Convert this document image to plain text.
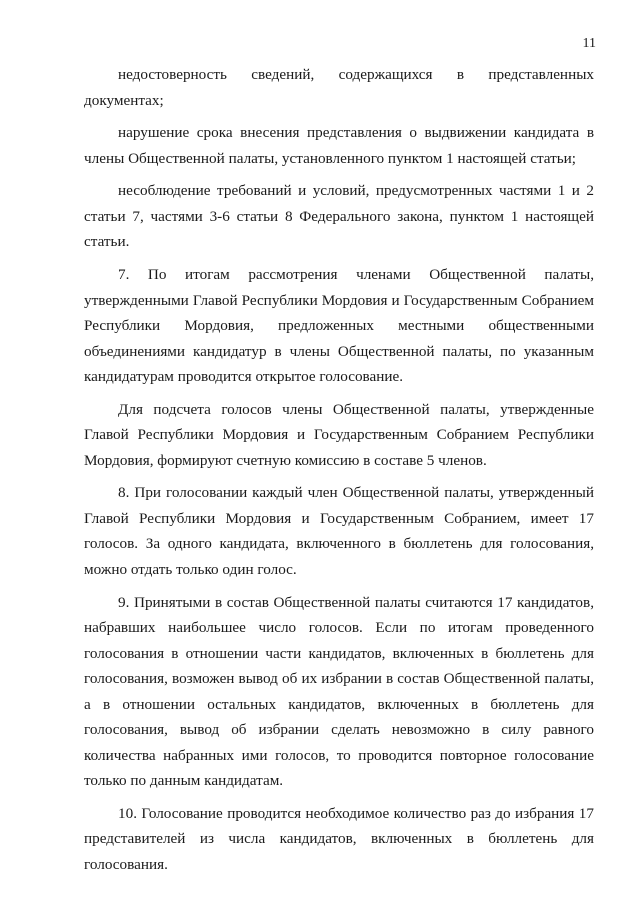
11

недостоверность сведений, содержащихся в представленных документах;

нарушение срока внесения представления о выдвижении кандидата в члены Общественной палаты, установленного пунктом 1 настоящей статьи;

несоблюдение требований и условий, предусмотренных частями 1 и 2 статьи 7, частями 3-6 статьи 8 Федерального закона, пунктом 1 настоящей статьи.

7. По итогам рассмотрения членами Общественной палаты, утвержденными Главой Республики Мордовия и Государственным Собранием Республики Мордовия, предложенных местными общественными объединениями кандидатур в члены Общественной палаты, по указанным кандидатурам проводится открытое голосование.

Для подсчета голосов члены Общественной палаты, утвержденные Главой Республики Мордовия и Государственным Собранием Республики Мордовия, формируют счетную комиссию в составе 5 членов.

8. При голосовании каждый член Общественной палаты, утвержденный Главой Республики Мордовия и Государственным Собранием, имеет 17 голосов. За одного кандидата, включенного в бюллетень для голосования, можно отдать только один голос.

9. Принятыми в состав Общественной палаты считаются 17 кандидатов, набравших наибольшее число голосов. Если по итогам проведенного голосования в отношении части кандидатов, включенных в бюллетень для голосования, возможен вывод об их избрании в состав Общественной палаты, а в отношении остальных кандидатов, включенных в бюллетень для голосования, вывод об избрании сделать невозможно в силу равного количества набранных ими голосов, то проводится повторное голосование только по данным кандидатам.

10. Голосование проводится необходимое количество раз до избрания 17 представителей из числа кандидатов, включенных в бюллетень для голосования.
